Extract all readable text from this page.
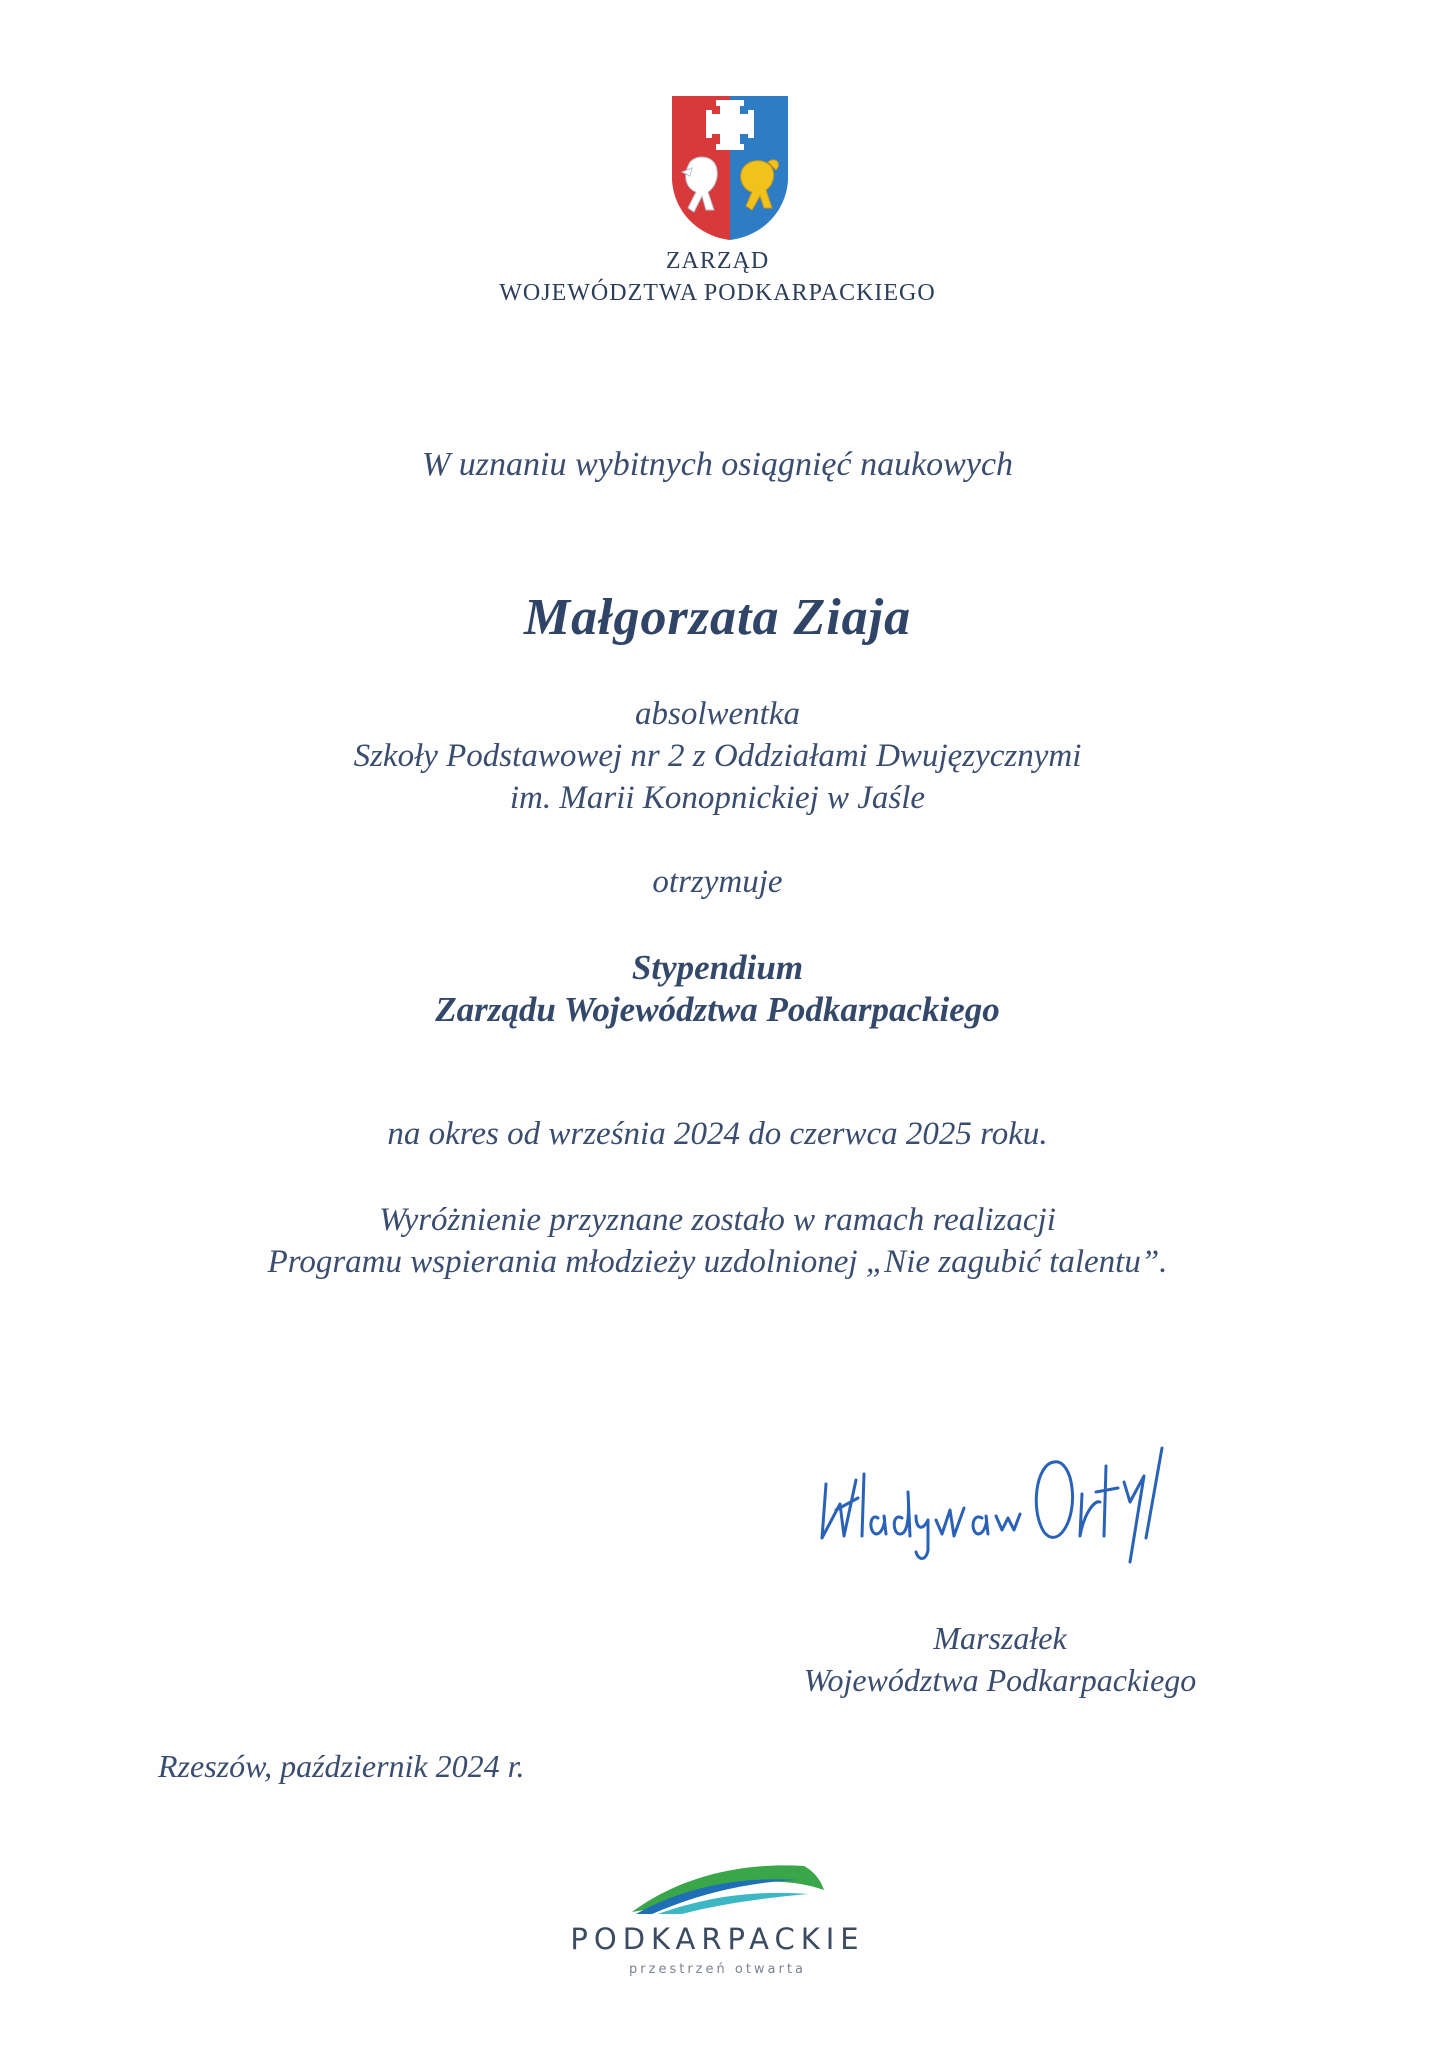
ZARZĄD
WOJEWÓDZTWA PODKARPACKIEGO
W uznaniu wybitnych osiągnięć naukowych
Małgorzata Ziaja
absolwentka
Szkoły Podstawowej nr 2 z Oddziałami Dwujęzycznymi
im. Marii Konopnickiej w Jaśle
otrzymuje
Stypendium
Zarządu Województwa Podkarpackiego
na okres od września 2024 do czerwca 2025 roku.
Wyróżnienie przyznane zostało w ramach realizacji
Programu wspierania młodzieży uzdolnionej „Nie zagubić talentu”.
Marszałek
Województwa Podkarpackiego
Rzeszów, październik 2024 r.
PODKARPACKIE
przestrzeń otwarta
